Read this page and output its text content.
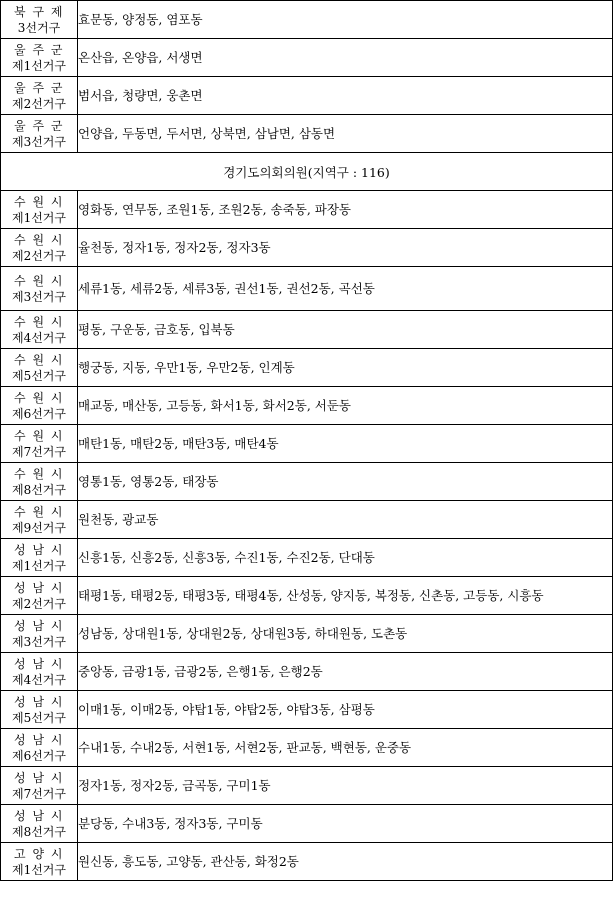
북 구 제
3선거구	효문동, 양정동, 염포동

울 주 군
제1선거구	온산읍, 온양읍, 서생면

울 주 군
제2선거구	범서읍, 청량면, 웅촌면

울 주 군
제3선거구	언양읍, 두동면, 두서면, 상북면, 삼남면, 삼동면
경기도의회의원(지역구 : 116)	

수 원 시
제1선거구	영화동, 연무동, 조원1동, 조원2동, 송죽동, 파장동

수 원 시
제2선거구	율천동, 정자1동, 정자2동, 정자3동

수 원 시
제3선거구	세류1동, 세류2동, 세류3동, 권선1동, 권선2동, 곡선동

수 원 시
제4선거구	평동, 구운동, 금호동, 입북동

수 원 시
제5선거구	행궁동, 지동, 우만1동, 우만2동, 인계동

수 원 시
제6선거구	매교동, 매산동, 고등동, 화서1동, 화서2동, 서둔동

수 원 시
제7선거구	매탄1동, 매탄2동, 매탄3동, 매탄4동

수 원 시
제8선거구	영통1동, 영통2동, 태장동

수 원 시
제9선거구	원천동, 광교동

성 남 시
제1선거구	신흥1동, 신흥2동, 신흥3동, 수진1동, 수진2동, 단대동

성 남 시
제2선거구	태평1동, 태평2동, 태평3동, 태평4동, 산성동, 양지동, 복정동, 신촌동, 고등동, 시흥동

성 남 시
제3선거구	성남동, 상대원1동, 상대원2동, 상대원3동, 하대원동, 도촌동

성 남 시
제4선거구	중앙동, 금광1동, 금광2동, 은행1동, 은행2동

성 남 시
제5선거구	이매1동, 이매2동, 야탑1동, 야탑2동, 야탑3동, 삼평동

성 남 시
제6선거구	수내1동, 수내2동, 서현1동, 서현2동, 판교동, 백현동, 운중동

성 남 시
제7선거구	정자1동, 정자2동, 금곡동, 구미1동

성 남 시
제8선거구	분당동, 수내3동, 정자3동, 구미동

고 양 시
제1선거구	원신동, 흥도동, 고양동, 관산동, 화정2동
